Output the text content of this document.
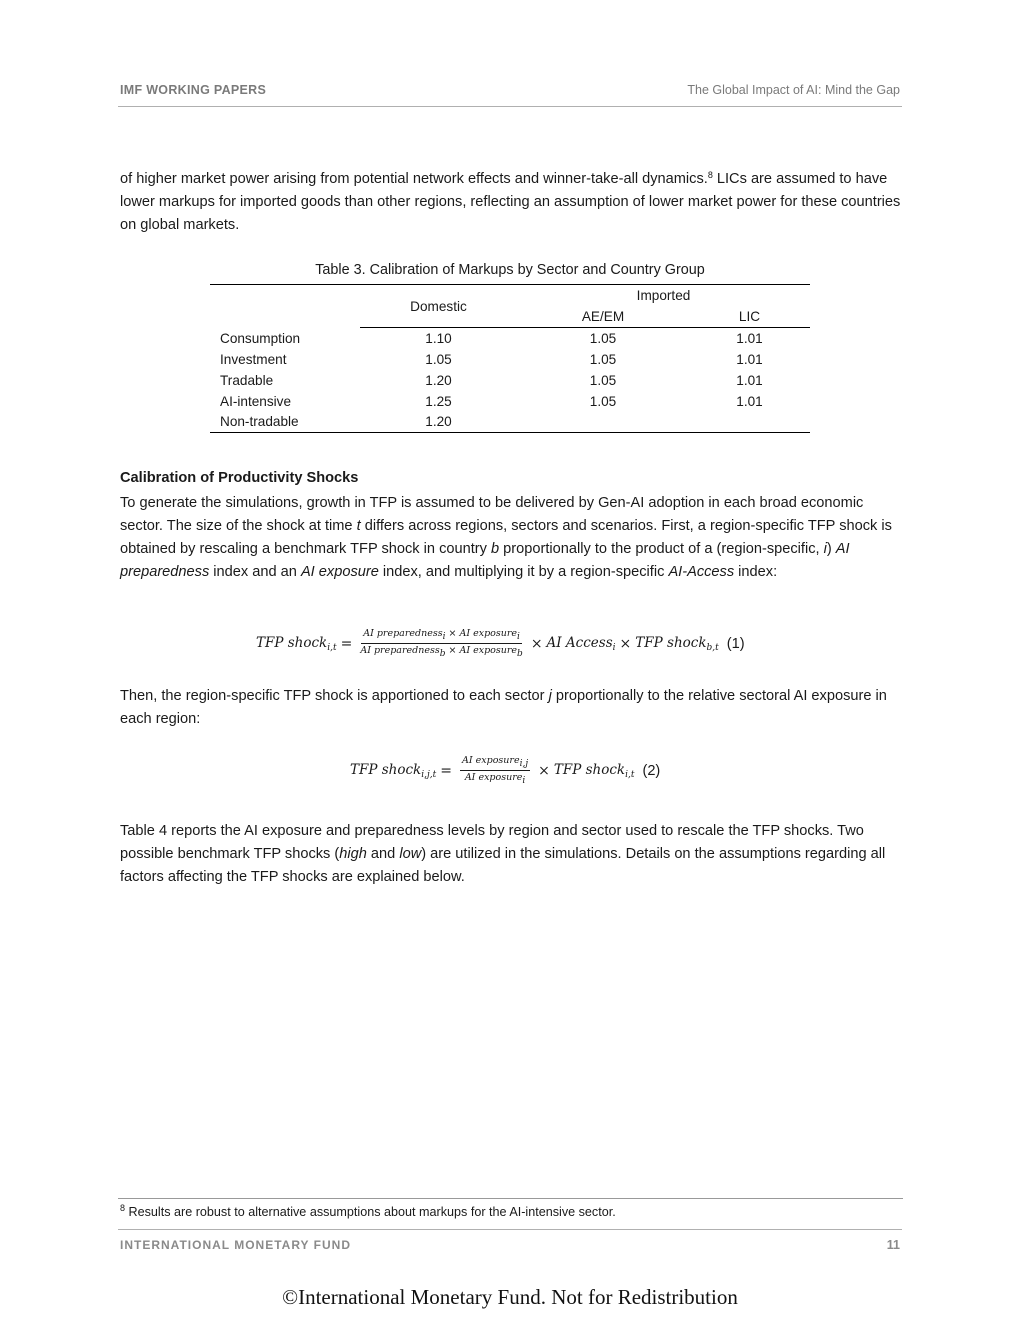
IMF WORKING PAPERS	The Global Impact of AI: Mind the Gap

of higher market power arising from potential network effects and winner-take-all dynamics.$^8$ LICs are assumed to have lower markups for imported goods than other regions, reflecting an assumption of lower market power for these countries on global markets.

Table 3. Calibration of Markups by Sector and Country Group
	Domestic	Imported	
		AE/EM	LIC
Consumption	1.10	1.05	1.01
Investment	1.05	1.05	1.01
Tradable	1.20	1.05	1.01
AI-intensive	1.25	1.05	1.01
Non-tradable	1.20		
Calibration of Productivity Shocks

To generate the simulations, growth in TFP is assumed to be delivered by Gen-AI adoption in each broad economic sector. The size of the shock at time t differs across regions, sectors and scenarios. First, a region-specific TFP shock is obtained by rescaling a benchmark TFP shock in country b proportionally to the product of a (region-specific, i) AI preparedness index and an AI exposure index, and multiplying it by a region-specific AI-Access index:

TFP shock$_{i,t}$ = $\frac{\text{AI preparednessi × AI exposurei}}{\text{AI preparednessb × AI exposureb}}$ × AI Access$_i$ × TFP shock$_{b,t}$ (1)

Then, the region-specific TFP shock is apportioned to each sector j proportionally to the relative sectoral AI exposure in each region:

TFP shock$_{i,j,t}$ = $\frac{\text{AI exposurei,j}}{\text{AI exposurei}}$ × TFP shock$_{i,t}$ (2)

Table 4 reports the AI exposure and preparedness levels by region and sector used to rescale the TFP shocks. Two possible benchmark TFP shocks (high and low) are utilized in the simulations. Details on the assumptions regarding all factors affecting the TFP shocks are explained below.

$^8$ Results are robust to alternative assumptions about markups for the AI-intensive sector.
INTERNATIONAL MONETARY FUND	11
©International Monetary Fund. Not for Redistribution
